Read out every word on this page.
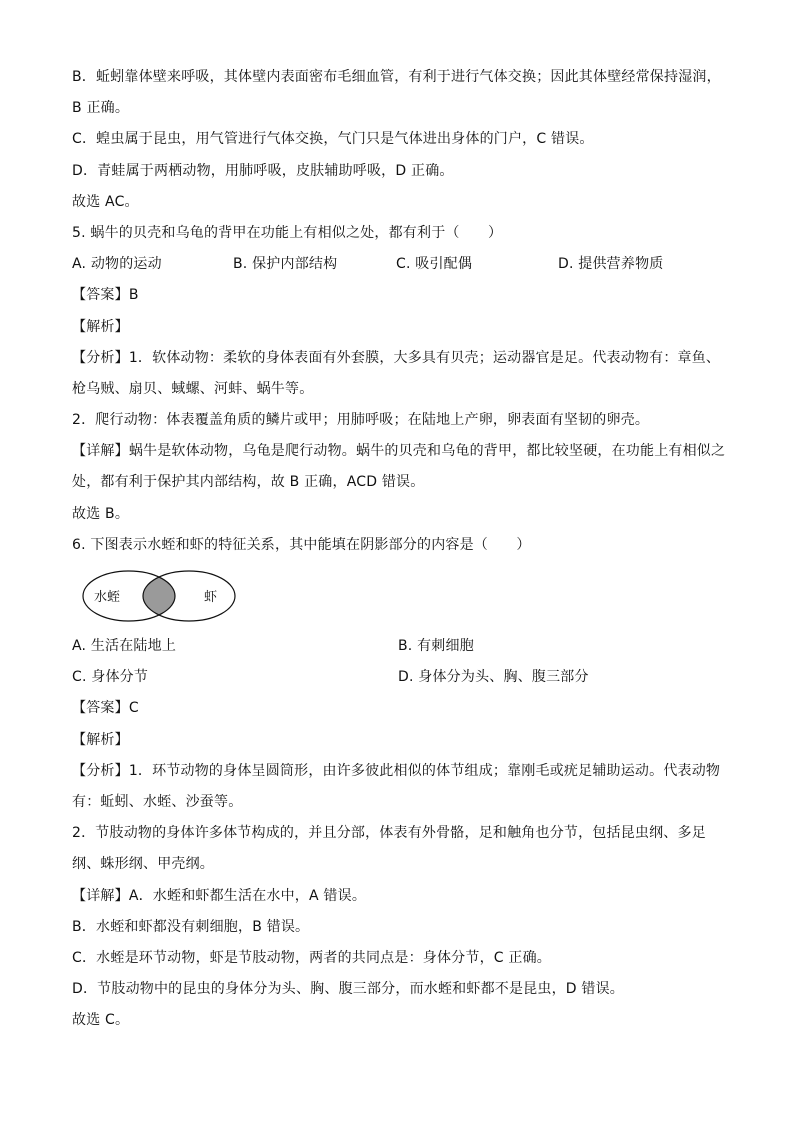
B．蚯蚓靠体壁来呼吸，其体壁内表面密布毛细血管，有利于进行气体交换；因此其体壁经常保持湿润，
B 正确。
C．蝗虫属于昆虫，用气管进行气体交换，气门只是气体进出身体的门户，C 错误。
D．青蛙属于两栖动物，用肺呼吸，皮肤辅助呼吸，D 正确。
故选 AC。
5. 蜗牛的贝壳和乌龟的背甲在功能上有相似之处，都有利于（　　）
A. 动物的运动	B. 保护内部结构	C. 吸引配偶	D. 提供营养物质
【答案】B
【解析】
【分析】1．软体动物：柔软的身体表面有外套膜，大多具有贝壳；运动器官是足。代表动物有：章鱼、
枪乌贼、扇贝、蜮螺、河蚌、蜗牛等。
2．爬行动物：体表覆盖角质的鳞片或甲；用肺呼吸；在陆地上产卵，卵表面有坚韧的卵壳。
【详解】蜗牛是软体动物，乌龟是爬行动物。蜗牛的贝壳和乌龟的背甲，都比较坚硬，在功能上有相似之
处，都有利于保护其内部结构，故 B 正确，ACD 错误。
故选 B。
6. 下图表示水蛭和虾的特征关系，其中能填在阴影部分的内容是（　　）
水蛭	虾
A. 生活在陆地上	B. 有刺细胞
C. 身体分节	D. 身体分为头、胸、腹三部分
【答案】C
【解析】
【分析】1．环节动物的身体呈圆筒形，由许多彼此相似的体节组成；靠刚毛或疣足辅助运动。代表动物
有：蚯蚓、水蛭、沙蚕等。
2．节肢动物的身体许多体节构成的，并且分部，体表有外骨骼，足和触角也分节，包括昆虫纲、多足
纲、蛛形纲、甲壳纲。
【详解】A．水蛭和虾都生活在水中，A 错误。
B．水蛭和虾都没有刺细胞，B 错误。
C．水蛭是环节动物，虾是节肢动物，两者的共同点是：身体分节，C 正确。
D．节肢动物中的昆虫的身体分为头、胸、腹三部分，而水蛭和虾都不是昆虫，D 错误。
故选 C。
